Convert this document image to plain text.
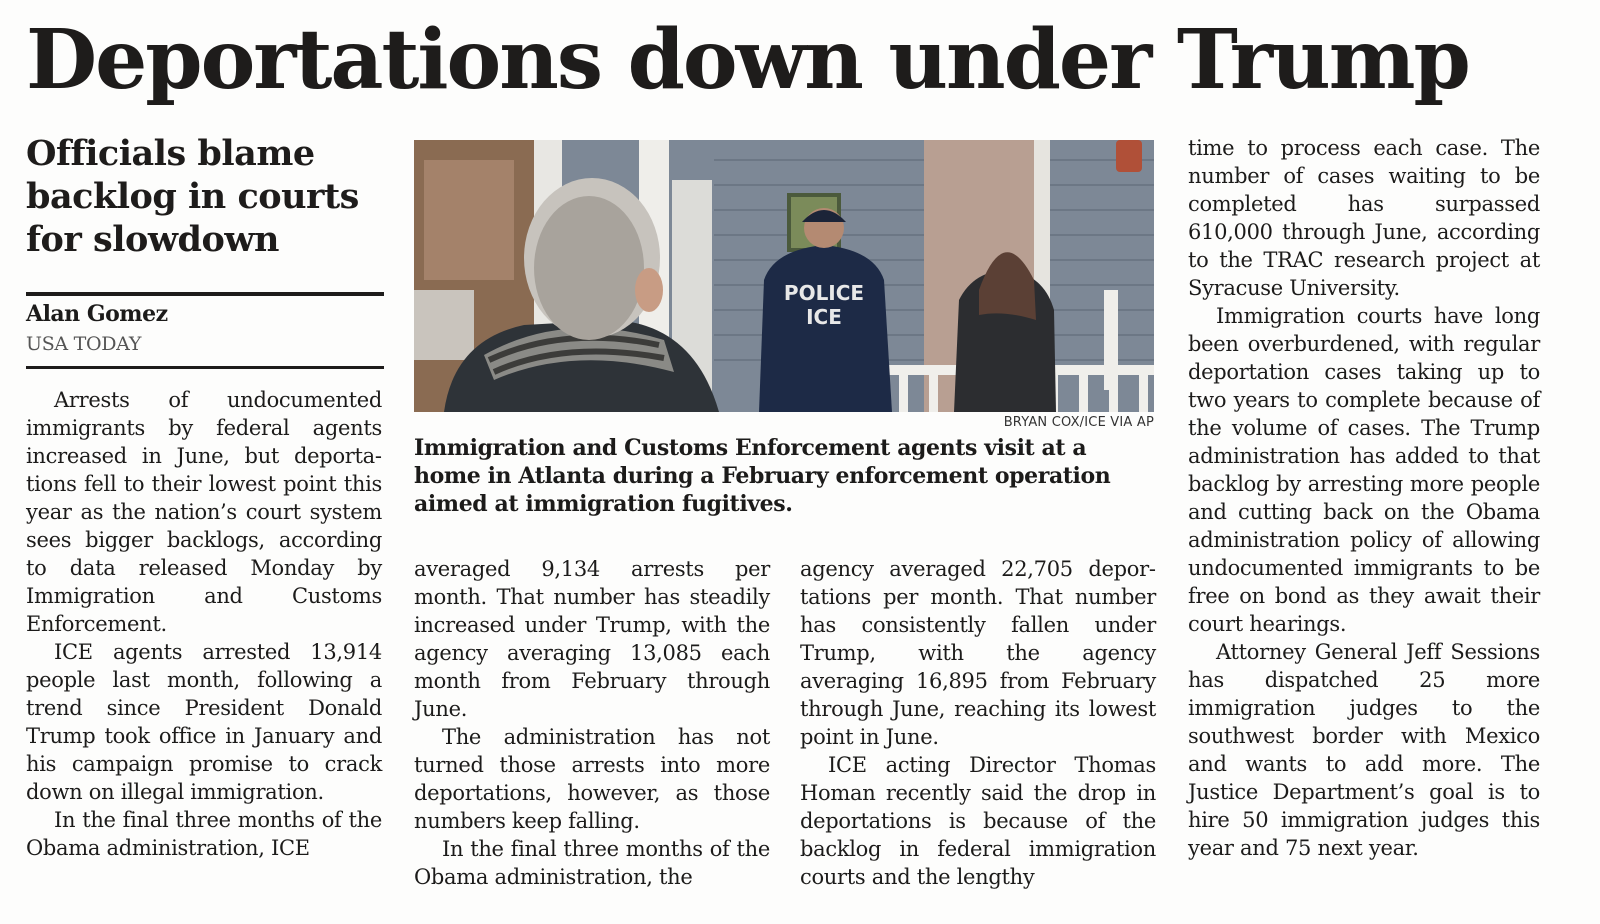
Deportations down under Trump
Officials blame backlog in courts for slowdown
Alan Gomez
USA TODAY

Arrests of undocumented immigrants by federal agents increased in June, but deportations fell to their lowest point this year as the nation’s court system sees bigger backlogs, according to data released Monday by Immigration and Customs Enforcement.

ICE agents arrested 13,914 people last month, following a trend since President Donald Trump took office in January and his campaign promise to crack down on illegal immigration.

In the final three months of the Obama administration, ICE

POLICE
ICE
BRYAN COX/ICE VIA AP

Immigration and Customs Enforcement agents visit at a home in Atlanta during a February enforcement operation aimed at immigration fugitives.

averaged 9,134 arrests per month. That number has steadily increased under Trump, with the agency averaging 13,085 each month from February through June.

The administration has not turned those arrests into more deportations, however, as those numbers keep falling.

In the final three months of the Obama administration, the

agency averaged 22,705 deportations per month. That number has consistently fallen under Trump, with the agency averaging 16,895 from February through June, reaching its lowest point in June.

ICE acting Director Thomas Homan recently said the drop in deportations is because of the backlog in federal immigration courts and the lengthy

time to process each case. The number of cases waiting to be completed has surpassed 610,000 through June, according to the TRAC research project at Syracuse University.

Immigration courts have long been overburdened, with regular deportation cases taking up to two years to complete because of the volume of cases. The Trump administration has added to that backlog by arresting more people and cutting back on the Obama administration policy of allowing undocumented immigrants to be free on bond as they await their court hearings.

Attorney General Jeff Sessions has dispatched 25 more immigration judges to the southwest border with Mexico and wants to add more. The Justice Department’s goal is to hire 50 immigration judges this year and 75 next year.
